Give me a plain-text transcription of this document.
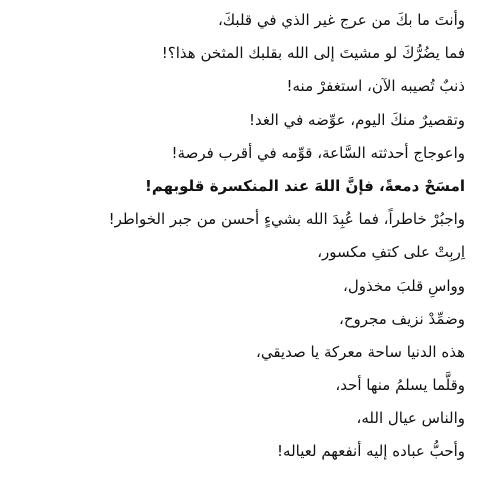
وأنتَ ما بكَ من عرج غير الذي في قلبكَ،
فما يضُرُّكَ لو مشيتَ إلى الله بقلبك المثخن هذا؟!
ذنبٌ تُصيبه الآن، استغفرْ منه!
وتقصيرٌ منكَ اليوم، عوِّضه في الغد!
واعوجاج أحدثته السَّاعة، قوِّمه في أقرب فرصة!
امسَحْ دمعةً، فإنَّ اللهَ عند المنكسرة قلوبهم!
واجبُرْ خاطراً، فما عُبِدَ الله بشيءٍ أحسن من جبر الخواطر!
اِربِتْ على كتفِ مكسور،
وواسِ قلبَ مخذول،
وضمِّدْ نزيف مجروح،
هذه الدنيا ساحة معركة يا صديقي،
وقلَّما يسلمُ منها أحد،
والناس عيال الله،
وأحبُّ عباده إليه أنفعهم لعياله!
